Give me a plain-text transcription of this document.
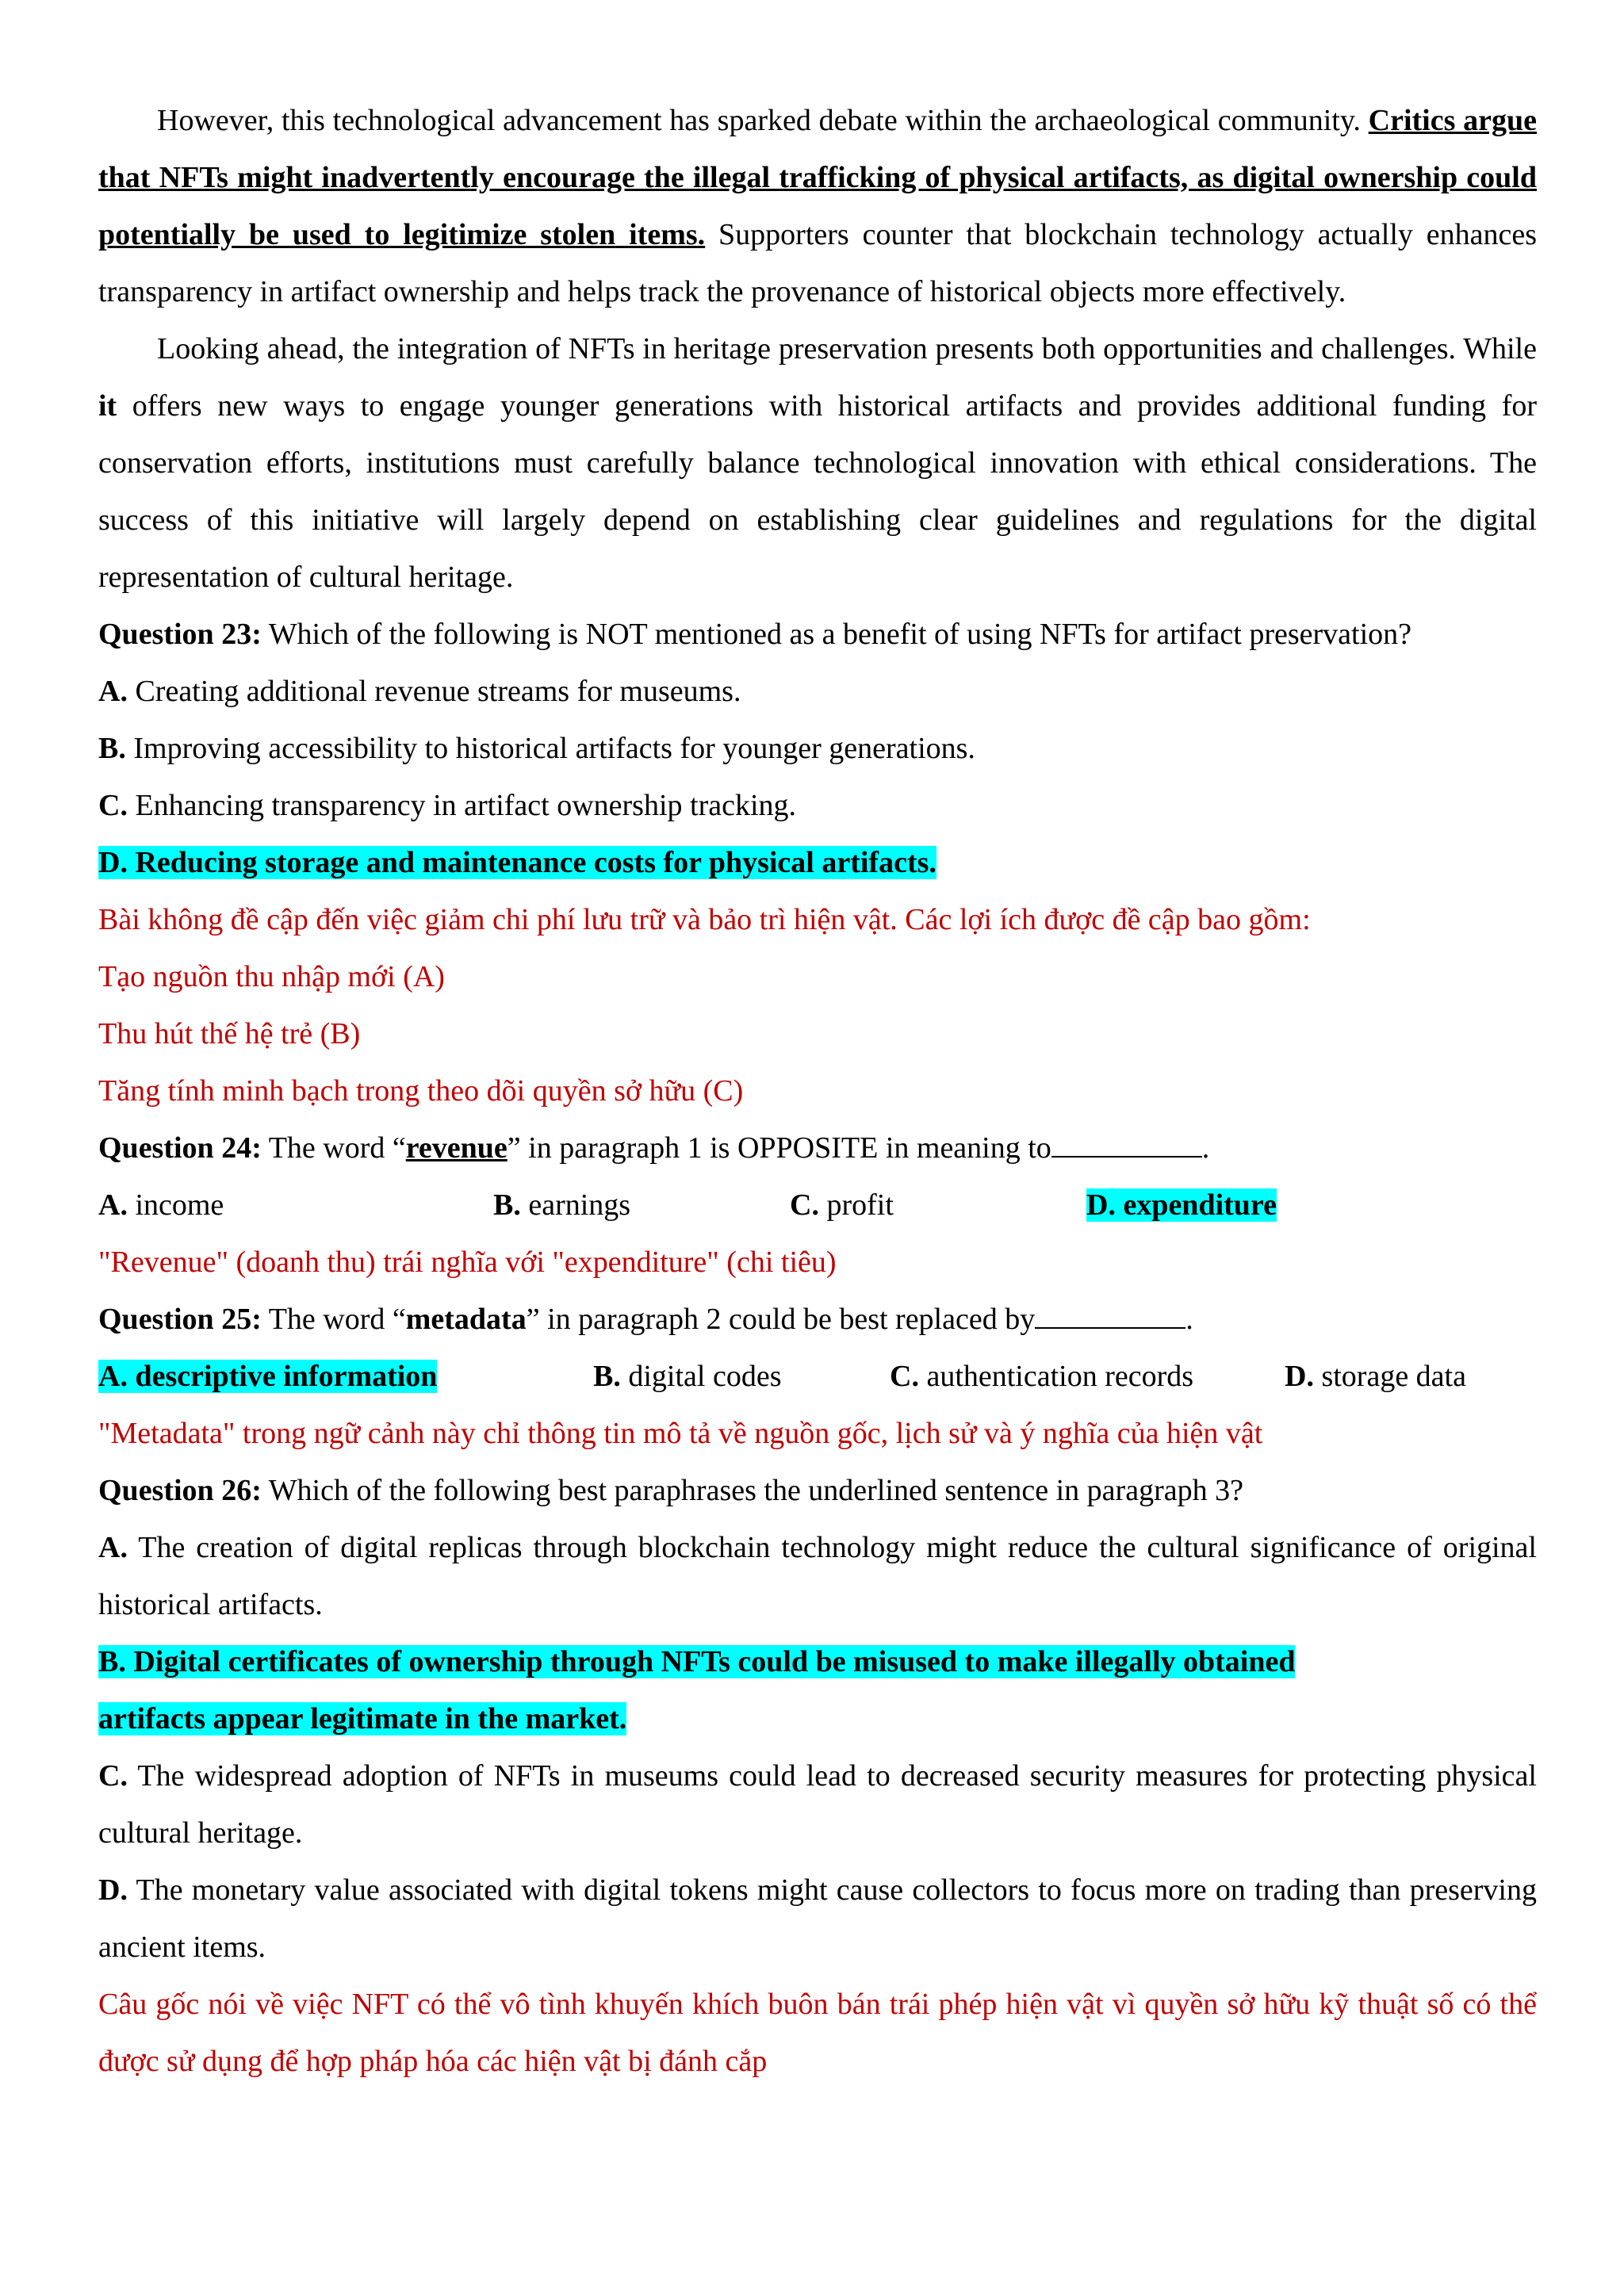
However, this technological advancement has sparked debate within the archaeological community. Critics argue that NFTs might inadvertently encourage the illegal trafficking of physical artifacts, as digital ownership could potentially be used to legitimize stolen items. Supporters counter that blockchain technology actually enhances transparency in artifact ownership and helps track the provenance of historical objects more effectively.

Looking ahead, the integration of NFTs in heritage preservation presents both opportunities and challenges. While it offers new ways to engage younger generations with historical artifacts and provides additional funding for conservation efforts, institutions must carefully balance technological innovation with ethical considerations. The success of this initiative will largely depend on establishing clear guidelines and regulations for the digital representation of cultural heritage.

Question 23: Which of the following is NOT mentioned as a benefit of using NFTs for artifact preservation?

A. Creating additional revenue streams for museums.

B. Improving accessibility to historical artifacts for younger generations.

C. Enhancing transparency in artifact ownership tracking.

D. Reducing storage and maintenance costs for physical artifacts.

Bài không đề cập đến việc giảm chi phí lưu trữ và bảo trì hiện vật. Các lợi ích được đề cập bao gồm:

Tạo nguồn thu nhập mới (A)

Thu hút thế hệ trẻ (B)

Tăng tính minh bạch trong theo dõi quyền sở hữu (C)

Question 24: The word “revenue” in paragraph 1 is OPPOSITE in meaning to	.

A. income	B. earnings	C. profit	D. expenditure

"Revenue" (doanh thu) trái nghĩa với "expenditure" (chi tiêu)

Question 25: The word “metadata” in paragraph 2 could be best replaced by	.

A. descriptive information	B. digital codes	C. authentication records	D. storage data

"Metadata" trong ngữ cảnh này chỉ thông tin mô tả về nguồn gốc, lịch sử và ý nghĩa của hiện vật

Question 26: Which of the following best paraphrases the underlined sentence in paragraph 3?

A. The creation of digital replicas through blockchain technology might reduce the cultural significance of original historical artifacts.

B. Digital certificates of ownership through NFTs could be misused to make illegally obtained

artifacts appear legitimate in the market.

C. The widespread adoption of NFTs in museums could lead to decreased security measures for protecting physical cultural heritage.

D. The monetary value associated with digital tokens might cause collectors to focus more on trading than preserving ancient items.

Câu gốc nói về việc NFT có thể vô tình khuyến khích buôn bán trái phép hiện vật vì quyền sở hữu kỹ thuật số có thể được sử dụng để hợp pháp hóa các hiện vật bị đánh cắp
